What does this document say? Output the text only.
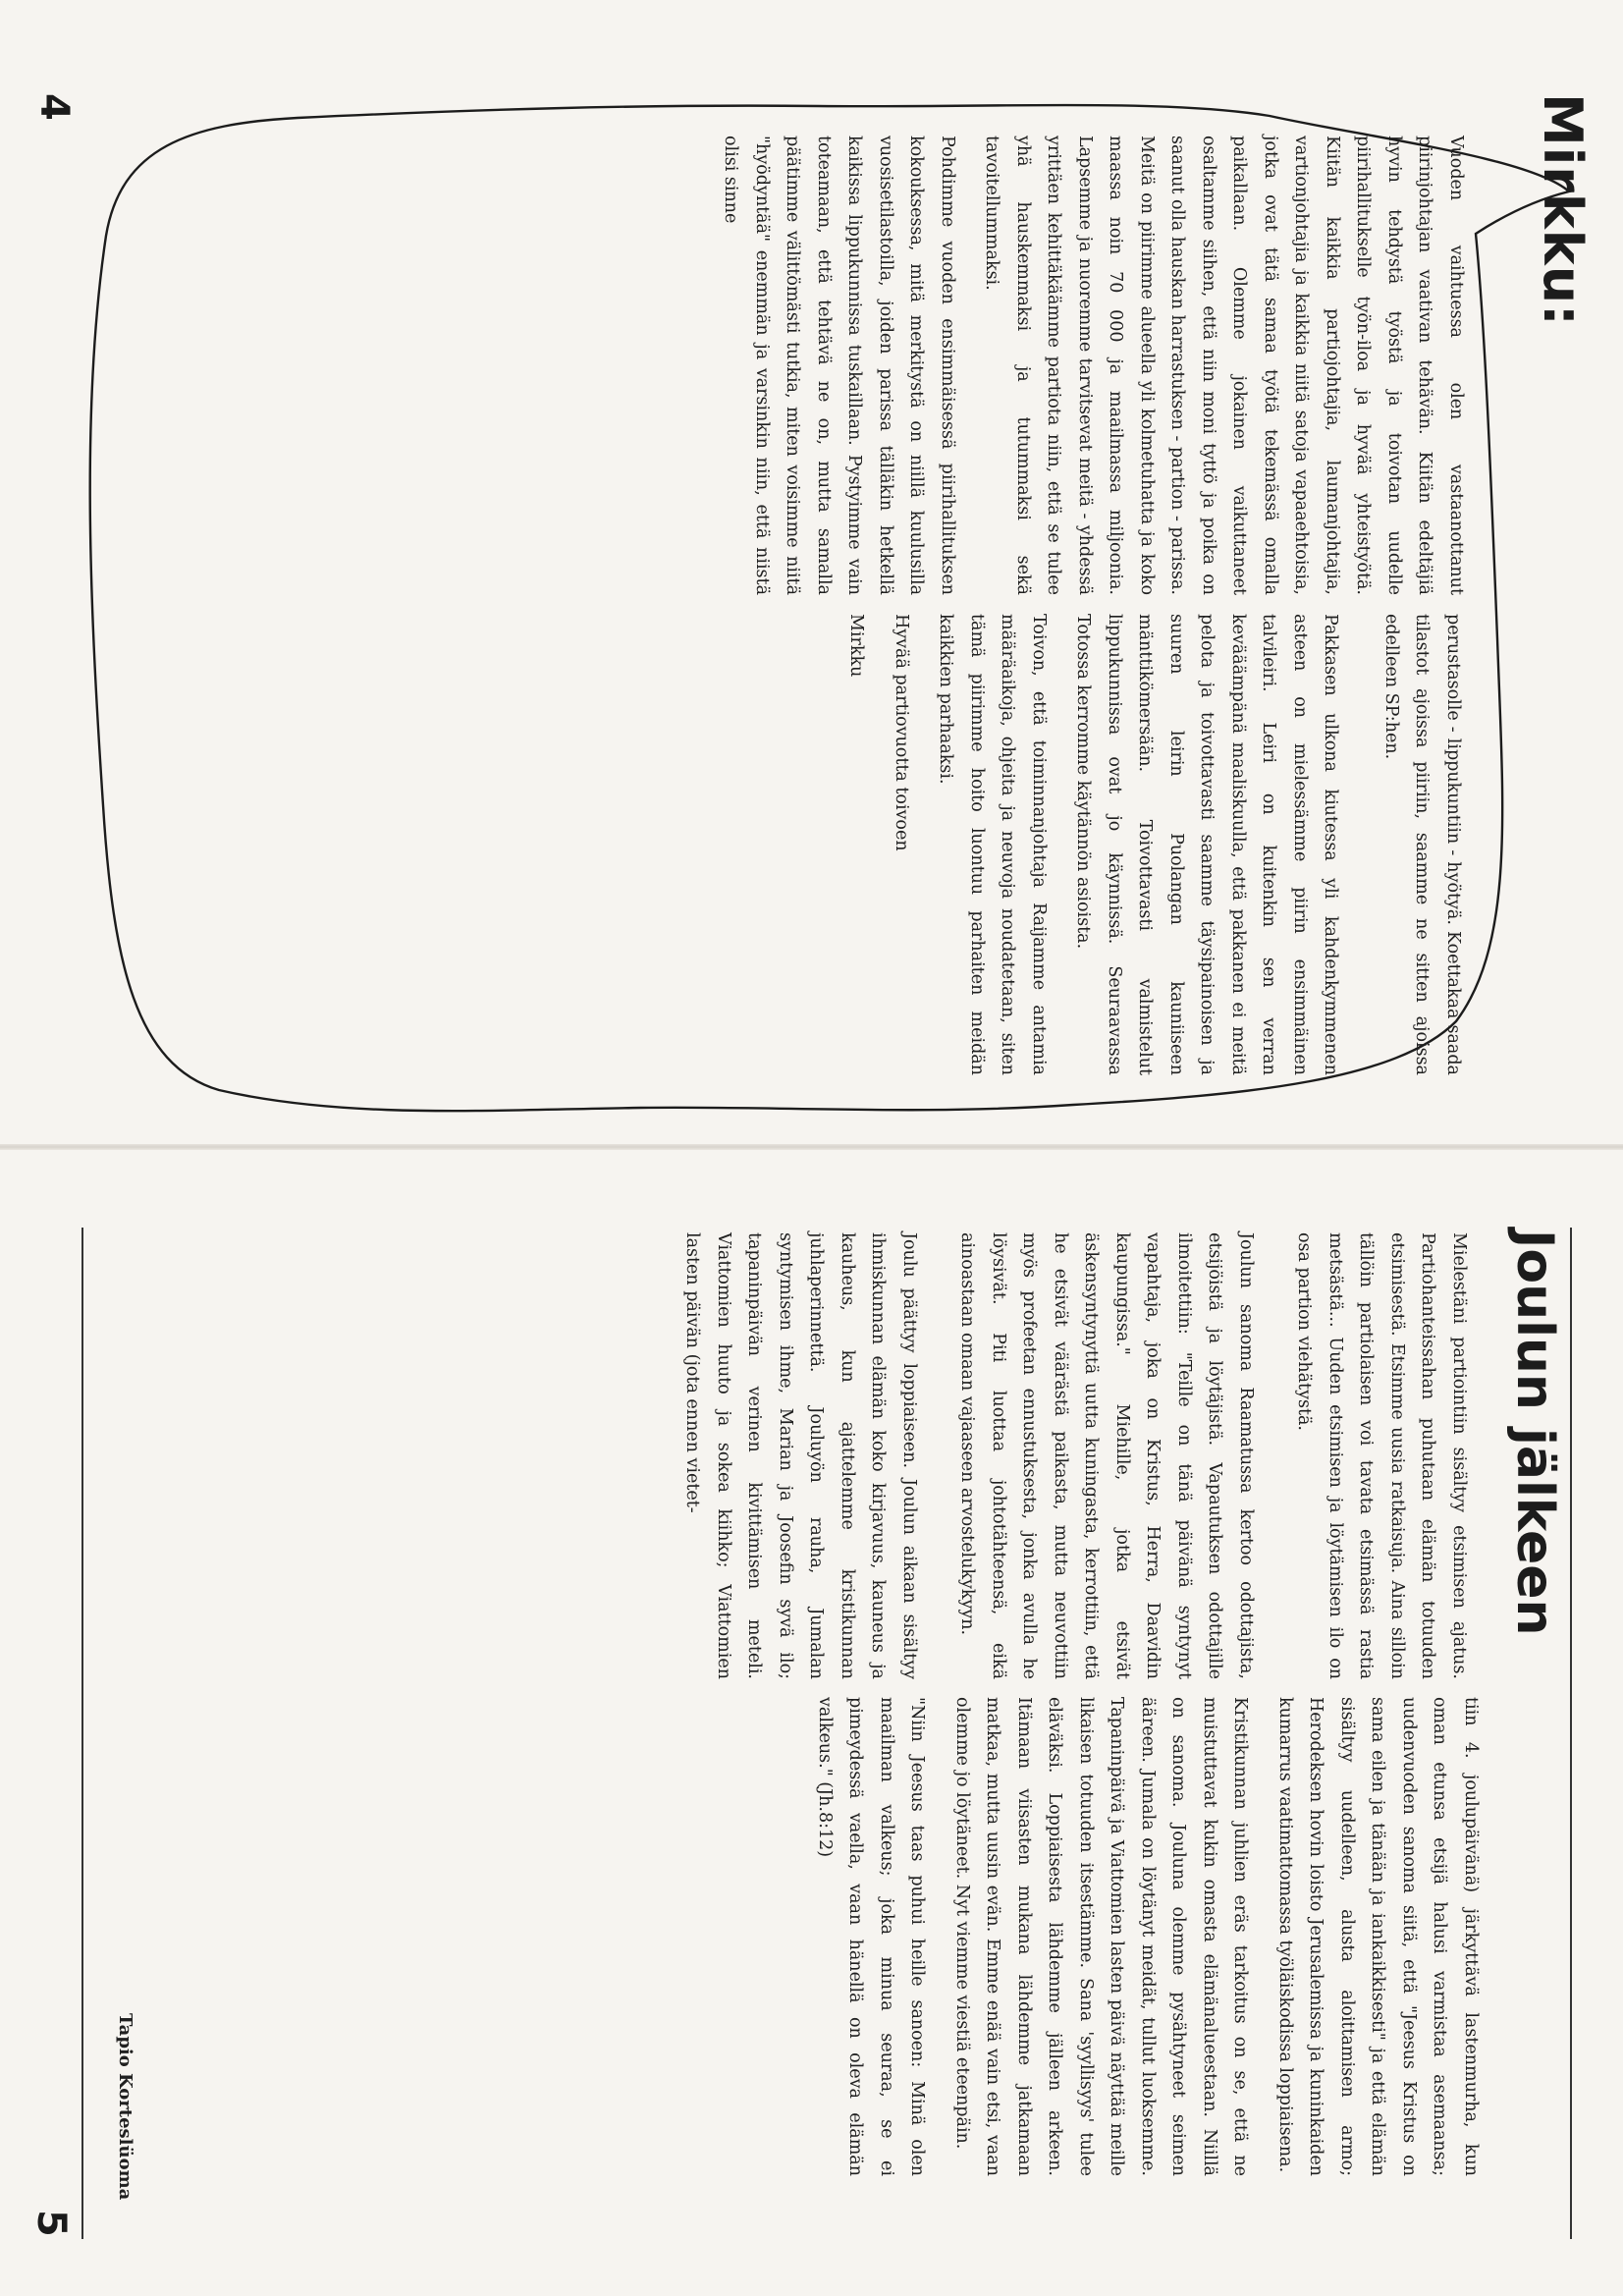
Mirkku:

Vuoden vaihtuessa olen vastaanottanut piirinjohtajan vaativan tehävän. Kiitän edeltäjiä hyvin tehdystä työstä ja toivotan uudelle piirihallitukselle työn-iloa ja hyvää yhteistyötä. Kiitän kaikkia partiojohtajia, laumanjohtajia, vartionjohtajia ja kaikkia niitä satoja vapaaehtoisia, jotka ovat tätä samaa työtä tekemässä omalla paikallaan. Olemme jokainen vaikuttaneet osaltamme siihen, että niin moni tyttö ja poika on saanut olla hauskan harrastuksen - partion - parissa. Meitä on piirimme alueella yli kolmetuhatta ja koko maassa noin 70 000 ja maailmassa miljoonia. Lapsemme ja nuoremme tarvitsevat meitä - yhdessä yrittäen kehittäkäämme partiota niin, että se tulee yhä hauskemmaksi ja tutummaksi sekä tavoitellummaksi.

Pohdimme vuoden ensimmäisessä piirihallituksen kokouksessa, mitä merkitystä on niillä kuulusilla vuosisetilastoilla, joiden parissa tälläkin hetkellä kaikissa lippukunnissa tuskaillaan. Pystyimme vain toteamaan, että tehtävä ne on, mutta samalla päätimme välittömästi tutkia, miten voisimme niitä "hyödyntää" enemmän ja varsinkin niin, että niistä olisi sinne

perustasolle - lippukuntiin - hyötyä. Koettakaa saada tilastot ajoissa piiriin, saamme ne sitten ajoissa edelleen SP:hen.

Pakkasen ulkona kiutessa yli kahdenkymmenen asteen on mielessämme piirin ensimmäinen talvileiri. Leiri on kuitenkin sen verran kevääämpänä maaliskuulla, että pakkanen ei meitä pelota ja toivottavasti saamme täysipainoisen ja suuren leirin Puolangan kauniiseen mänttikömersään. Toivottavasti valmistelut lippukunnissa ovat jo käynnissä. Seuraavassa Totossa kerromme käytännön asioista.

Toivon, että toiminnanjohtaja Raijamme antamia määräaikoja, ohjeita ja neuvoja noudatetaan, siten tämä piirimme hoito luontuu parhaiten meidän kaikkien parhaaksi.

Hyvää partiovuotta toivoen

Mirkku

4
Joulun jälkeen

Mielestäni partiointiin sisältyy etsimisen ajatus. Partiohanteissahan puhutaan elämän totuuden etsimisestä. Etsimme uusia ratkaisuja. Aina silloin tällöin partiolaisen voi tavata etsimässä rastia metsästä... Uuden etsimisen ja löytämisen ilo on osa partion viehätystä.

Joulun sanoma Raamatussa kertoo odottajista, etsijöistä ja löytäjistä. Vapautuksen odottajille ilmoitettiin: "Teille on tänä päivänä syntynyt vapahtaja, joka on Kristus, Herra, Daavidin kaupungissa." Miehille, jotka etsivät äskensyntynyttä uutta kuningasta, kerrottiin, että he etsivät väärästä paikasta, mutta neuvottiin myös profeetan ennustuksesta, jonka avulla he löysivät. Piti luottaa johtotähteensä, eikä ainoastaan omaan vajaaseen arvostelukykyyn.

Joulu päättyy loppiaiseen. Joulun aikaan sisältyy ihmiskunnan elämän koko kirjavuus, kauneus ja kauheus, kun ajattelemme kristikunnan juhlaperinnettä. Jouluyön rauha, Jumalan syntymisen ihme, Marian ja Joosefin syvä ilo; tapaninpäivän verinen kivittämisen meteli. Viattomien huuto ja sokea kiihko; Viattomien lasten päivän (jota ennen vietet-

tiin 4. joulupäivänä) järkyttävä lastenmurha, kun oman etunsa etsijä halusi varmistaa asemaansa; uudenvuoden sanoma siitä, että "Jeesus Kristus on sama eilen ja tänään ja iankaikkisesti" ja että elämän sisältyy uudelleen, alusta aloittamisen armo; Herodeksen hovin loisto Jerusalemissa ja kuninkaiden kumarrus vaatimattomassa työläiskodissa loppiaisena.

Kristikunnan juhlien eräs tarkoitus on se, että ne muistuttavat kukin omasta elämänalueestaan. Niillä on sanoma. Jouluna olemme pysähtyneet seimen ääreen. Jumala on löytänyt meidät, tullut luoksemme. Tapaninpäivä ja Viattomien lasten päivä näyttää meille likaisen totuuden itsestämme. Sana 'syyllisyys' tulee eläväksi. Loppiaisesta lähdemme jälleen arkeen. Itämaan viisasten mukana lähdemme jatkamaan matkaa, mutta uusin evän. Emme enää vain etsi, vaan olemme jo löytäneet. Nyt viemme viestiä eteenpäin.

"Niin Jeesus taas puhui heille sanoen: Minä olen maailman valkeus; joka minua seuraa, se ei pimeydessä vaella, vaan hänellä on oleva elämän valkeus." (Jh.8:12)

Tapio Korteslüoma
5
